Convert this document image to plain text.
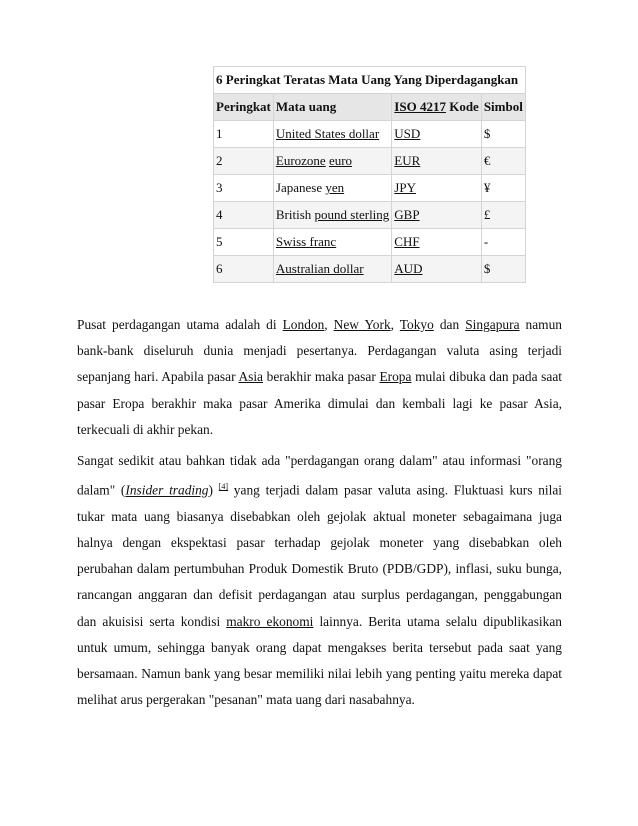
6 Peringkat Teratas Mata Uang Yang Diperdagangkan
Peringkat	Mata uang	ISO 4217 Kode	Simbol
1	United States dollar	USD	$
2	Eurozone euro	EUR	€
3	Japanese yen	JPY	¥
4	British pound sterling	GBP	£
5	Swiss franc	CHF	-
6	Australian dollar	AUD	$

Pusat perdagangan utama adalah di London, New York, Tokyo dan Singapura namun bank-bank diseluruh dunia menjadi pesertanya. Perdagangan valuta asing terjadi sepanjang hari. Apabila pasar Asia berakhir maka pasar Eropa mulai dibuka dan pada saat pasar Eropa berakhir maka pasar Amerika dimulai dan kembali lagi ke pasar Asia, terkecuali di akhir pekan.

Sangat sedikit atau bahkan tidak ada "perdagangan orang dalam" atau informasi "orang dalam" (Insider trading) [4] yang terjadi dalam pasar valuta asing. Fluktuasi kurs nilai tukar mata uang biasanya disebabkan oleh gejolak aktual moneter sebagaimana juga halnya dengan ekspektasi pasar terhadap gejolak moneter yang disebabkan oleh perubahan dalam pertumbuhan Produk Domestik Bruto (PDB/GDP), inflasi, suku bunga, rancangan anggaran dan defisit perdagangan atau surplus perdagangan, penggabungan dan akuisisi serta kondisi makro ekonomi lainnya. Berita utama selalu dipublikasikan untuk umum, sehingga banyak orang dapat mengakses berita tersebut pada saat yang bersamaan. Namun bank yang besar memiliki nilai lebih yang penting yaitu mereka dapat melihat arus pergerakan "pesanan" mata uang dari nasabahnya.
